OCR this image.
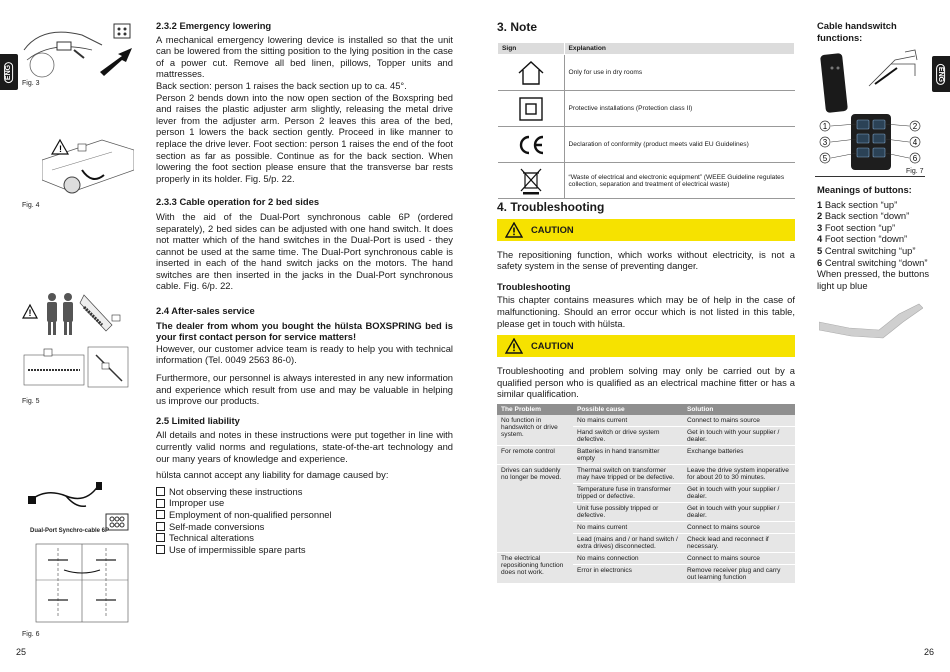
ENG	ENG
Fig. 3
!
Fig. 4
!
Fig. 5
Dual-Port Synchro-cable 6P
Fig. 6
25

2.3.2 Emergency lowering

A mechanical emergency lowering device is installed so that the unit can be lowered from the sitting position to the lying position in the case of a power cut. Remove all bed linen, pillows, Topper units and mattresses.

Back section: person 1 raises the back section up to ca. 45°.

Person 2 bends down into the now open section of the Boxspring bed and raises the plastic adjuster arm slightly, releasing the metal drive lever from the adjuster arm. Person 2 leaves this area of the bed, person 1 lowers the back section gently. Proceed in like manner to replace the drive lever. Foot section: person 1 raises the end of the foot section as far as possible. Continue as for the back section. When lowering the foot section please ensure that the transverse bar rests properly in its holder. Fig. 5/p. 22.

2.3.3 Cable operation for 2 bed sides

With the aid of the Dual-Port synchronous cable 6P (ordered separately), 2 bed sides can be adjusted with one hand switch. It does not matter which of the hand switches in the Dual-Port is used - they cannot be used at the same time. The Dual-Port synchronous cable is inserted in each of the hand switch jacks on the motors. The hand switches are then inserted in the jacks in the Dual-Port synchronous cable. Fig. 6/p. 22.

2.4 After-sales service

The dealer from whom you bought the hülsta BOXSPRING bed is your first contact person for service matters!

However, our customer advice team is ready to help you with technical information (Tel. 0049 2563 86-0).

Furthermore, our personnel is always interested in any new information and experience which result from use and may be valuable in helping us improve our products.

2.5 Limited liability

All details and notes in these instructions were put together in line with currently valid norms and regulations, state-of-the-art technology and our many years of knowledge and experience.

hülsta cannot accept any liability for damage caused by:

Not observing these instructions
Improper use
Employment of non-qualified personnel
Self-made conversions
Technical alterations
Use of impermissible spare parts

3. Note

Sign	Explanation

	Only for use in dry rooms

	Protective installations (Protection class II)

	Declaration of conformity (product meets valid EU Guidelines)

	“Waste of electrical and electronic equipment” (WEEE Guideline regulates collection, separation and treatment of electrical waste)

4. Troubleshooting

CAUTION

The repositioning function, which works without electricity, is not a safety system in the sense of preventing danger.

Troubleshooting

This chapter contains measures which may be of help in the case of malfunctioning. Should an error occur which is not listed in this table, please get in touch with hülsta.

CAUTION

Troubleshooting and problem solving may only be carried out by a qualified person who is qualified as an electrical machine fitter or has a similar qualification.

The Problem	Possible cause	Solution
No function in handswitch or drive system.	No mains current	Connect to mains source
	Hand switch or drive system defective.	Get in touch with your supplier / dealer.
For remote control	Batteries in hand transmitter empty	Exchange batteries
Drives can suddenly no longer be moved.	Thermal switch on transformer may have tripped or be defective.	Leave the drive system inoperative for about 20 to 30 minutes.
	Temperature fuse in transformer tripped or defective.	Get in touch with your supplier / dealer.
	Unit fuse possibly tripped or defective.	Get in touch with your supplier / dealer.
	No mains current	Connect to mains source
	Lead (mains and / or hand switch / extra drives) disconnected.	Check lead and reconnect if necessary.
The electrical repositioning function does not work.	No mains connection	Connect to mains source
	Error in electronics	Remove receiver plug and carry out learning function
26

Cable handswitch functions:

1	2
3	4
5	6
Fig. 7

Meanings of buttons:

1 Back section “up”
2 Back section “down”
3 Foot section “up”
4 Foot section “down”
5 Central switching “up”
6 Central switching “down”
When pressed, the buttons light up blue
